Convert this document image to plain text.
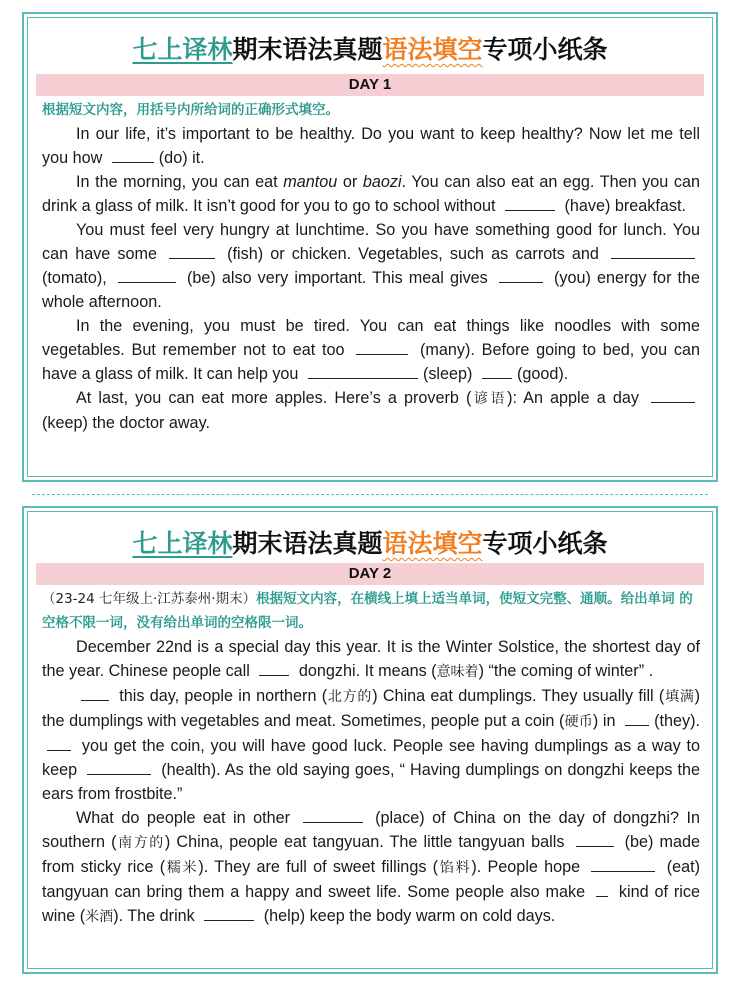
七上译林期末语法真题语法填空专项小纸条
DAY 1
根据短文内容，用括号内所给词的正确形式填空。

In our life, it’s important to be healthy. Do you want to keep healthy? Now let me tell you how	(do) it.

In the morning, you can eat mantou or baozi. You can also eat an egg. Then you can drink a glass of milk. It isn’t good for you to go to school without	(have) breakfast.

You must feel very hungry at lunchtime. So you have something good for lunch. You can have some	(fish) or chicken. Vegetables, such as carrots and  (tomato),	(be) also very important. This meal gives	(you) energy for the whole afternoon.

In the evening, you must be tired. You can eat things like noodles with some vegetables. But remember not to eat too	(many). Before going to bed, you can have a glass of milk. It can help you	(sleep)	(good).

At last, you can eat more apples. Here’s a proverb (谚语): An apple a day  (keep) the doctor away.

七上译林期末语法真题语法填空专项小纸条
DAY 2
（23-24 七年级上·江苏泰州·期末）根据短文内容，在横线上填上适当单词，使短文完整、通顺。给出单词 的空格不限一词，没有给出单词的空格限一词。

December 22nd is a special day this year. It is the Winter Solstice, the shortest day of the year. Chinese people call	dongzhi. It means (意味着) “the coming of winter” .

this day, people in northern (北方的) China eat dumplings. They usually fill (填满) the dumplings with vegetables and meat. Sometimes, people put a coin (硬币) in (they).  you get the coin, you will have good luck. People see having dumplings as a way to keep	(health). As the old saying goes, “ Having dumplings on dongzhi keeps the ears from frostbite.”

What do people eat in other	(place) of China on the day of dongzhi? In southern (南方的) China, people eat tangyuan. The little tangyuan balls	(be) made from sticky rice (糯米). They are full of sweet fillings (馅料). People hope	(eat) tangyuan can bring them a happy and sweet life. Some people also make kind of rice wine (米酒). The drink	(help) keep the body warm on cold days.
